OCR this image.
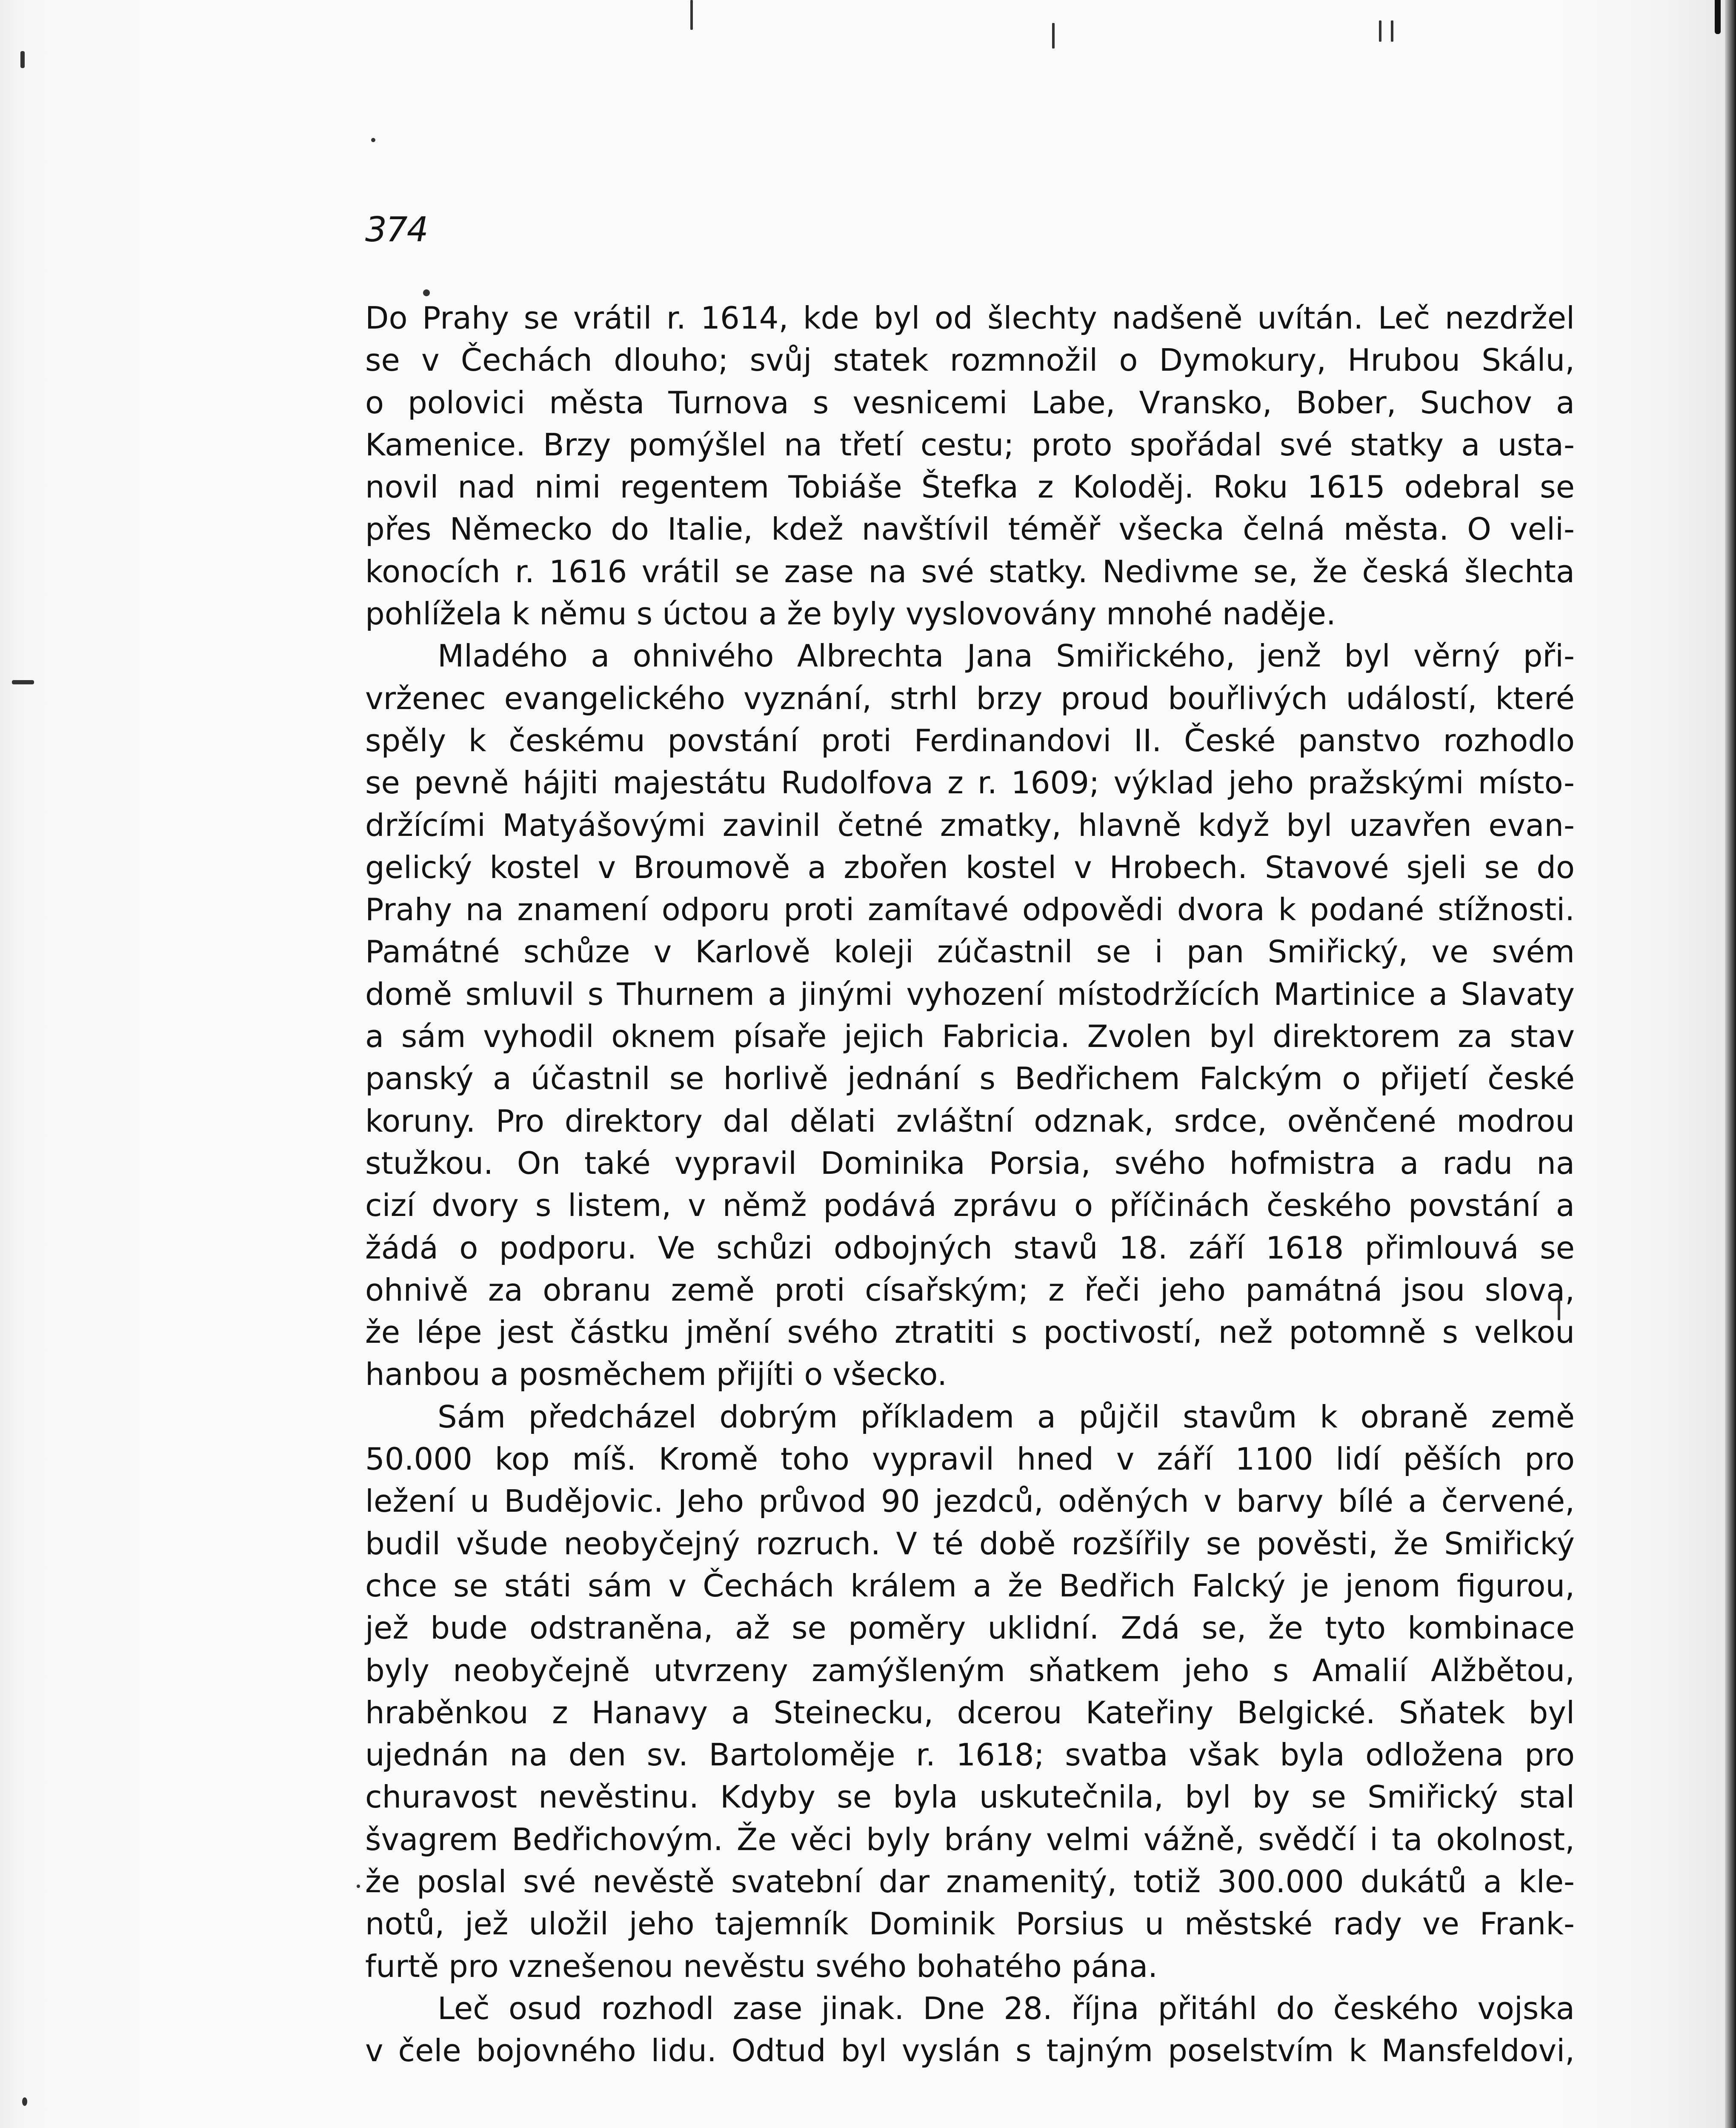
374

Do Prahy se vrátil r. 1614, kde byl od šlechty nadšeně uvítán. Leč nezdržel

se v Čechách dlouho; svůj statek rozmnožil o Dymokury, Hrubou Skálu,

o polovici města Turnova s vesnicemi Labe, Vransko, Bober, Suchov a

Kamenice. Brzy pomýšlel na třetí cestu; proto spořádal své statky a usta-

novil nad nimi regentem Tobiáše Štefka z Koloděj. Roku 1615 odebral se

přes Německo do Italie, kdež navštívil téměř všecka čelná města. O veli-

konocích r. 1616 vrátil se zase na své statky. Nedivme se, že česká šlechta

pohlížela k němu s úctou a že byly vyslovovány mnohé naděje.

Mladého a ohnivého Albrechta Jana Smiřického, jenž byl věrný při-

vrženec evangelického vyznání, strhl brzy proud bouřlivých událostí, které

spěly k českému povstání proti Ferdinandovi II. České panstvo rozhodlo

se pevně hájiti majestátu Rudolfova z r. 1609; výklad jeho pražskými místo-

držícími Matyášovými zavinil četné zmatky, hlavně když byl uzavřen evan-

gelický kostel v Broumově a zbořen kostel v Hrobech. Stavové sjeli se do

Prahy na znamení odporu proti zamítavé odpovědi dvora k podané stížnosti.

Památné schůze v Karlově koleji zúčastnil se i pan Smiřický, ve svém

domě smluvil s Thurnem a jinými vyhození místodržících Martinice a Slavaty

a sám vyhodil oknem písaře jejich Fabricia. Zvolen byl direktorem za stav

panský a účastnil se horlivě jednání s Bedřichem Falckým o přijetí české

koruny. Pro direktory dal dělati zvláštní odznak, srdce, ověnčené modrou

stužkou. On také vypravil Dominika Porsia, svého hofmistra a radu na

cizí dvory s listem, v němž podává zprávu o příčinách českého povstání a

žádá o podporu. Ve schůzi odbojných stavů 18. září 1618 přimlouvá se

ohnivě za obranu země proti císařským; z řeči jeho památná jsou slova,

že lépe jest částku jmění svého ztratiti s poctivostí, než potomně s velkou

hanbou a posměchem přijíti o všecko.

Sám předcházel dobrým příkladem a půjčil stavům k obraně země

50.000 kop míš. Kromě toho vypravil hned v září 1100 lidí pěších pro

ležení u Budějovic. Jeho průvod 90 jezdců, oděných v barvy bílé a červené,

budil všude neobyčejný rozruch. V té době rozšířily se pověsti, že Smiřický

chce se státi sám v Čechách králem a že Bedřich Falcký je jenom figurou,

jež bude odstraněna, až se poměry uklidní. Zdá se, že tyto kombinace

byly neobyčejně utvrzeny zamýšleným sňatkem jeho s Amalií Alžbětou,

hraběnkou z Hanavy a Steinecku, dcerou Kateřiny Belgické. Sňatek byl

ujednán na den sv. Bartoloměje r. 1618; svatba však byla odložena pro

churavost nevěstinu. Kdyby se byla uskutečnila, byl by se Smiřický stal

švagrem Bedřichovým. Že věci byly brány velmi vážně, svědčí i ta okolnost,

že poslal své nevěstě svatební dar znamenitý, totiž 300.000 dukátů a kle-

notů, jež uložil jeho tajemník Dominik Porsius u městské rady ve Frank-

furtě pro vznešenou nevěstu svého bohatého pána.

Leč osud rozhodl zase jinak. Dne 28. října přitáhl do českého vojska

v čele bojovného lidu. Odtud byl vyslán s tajným poselstvím k Mansfeldovi,
